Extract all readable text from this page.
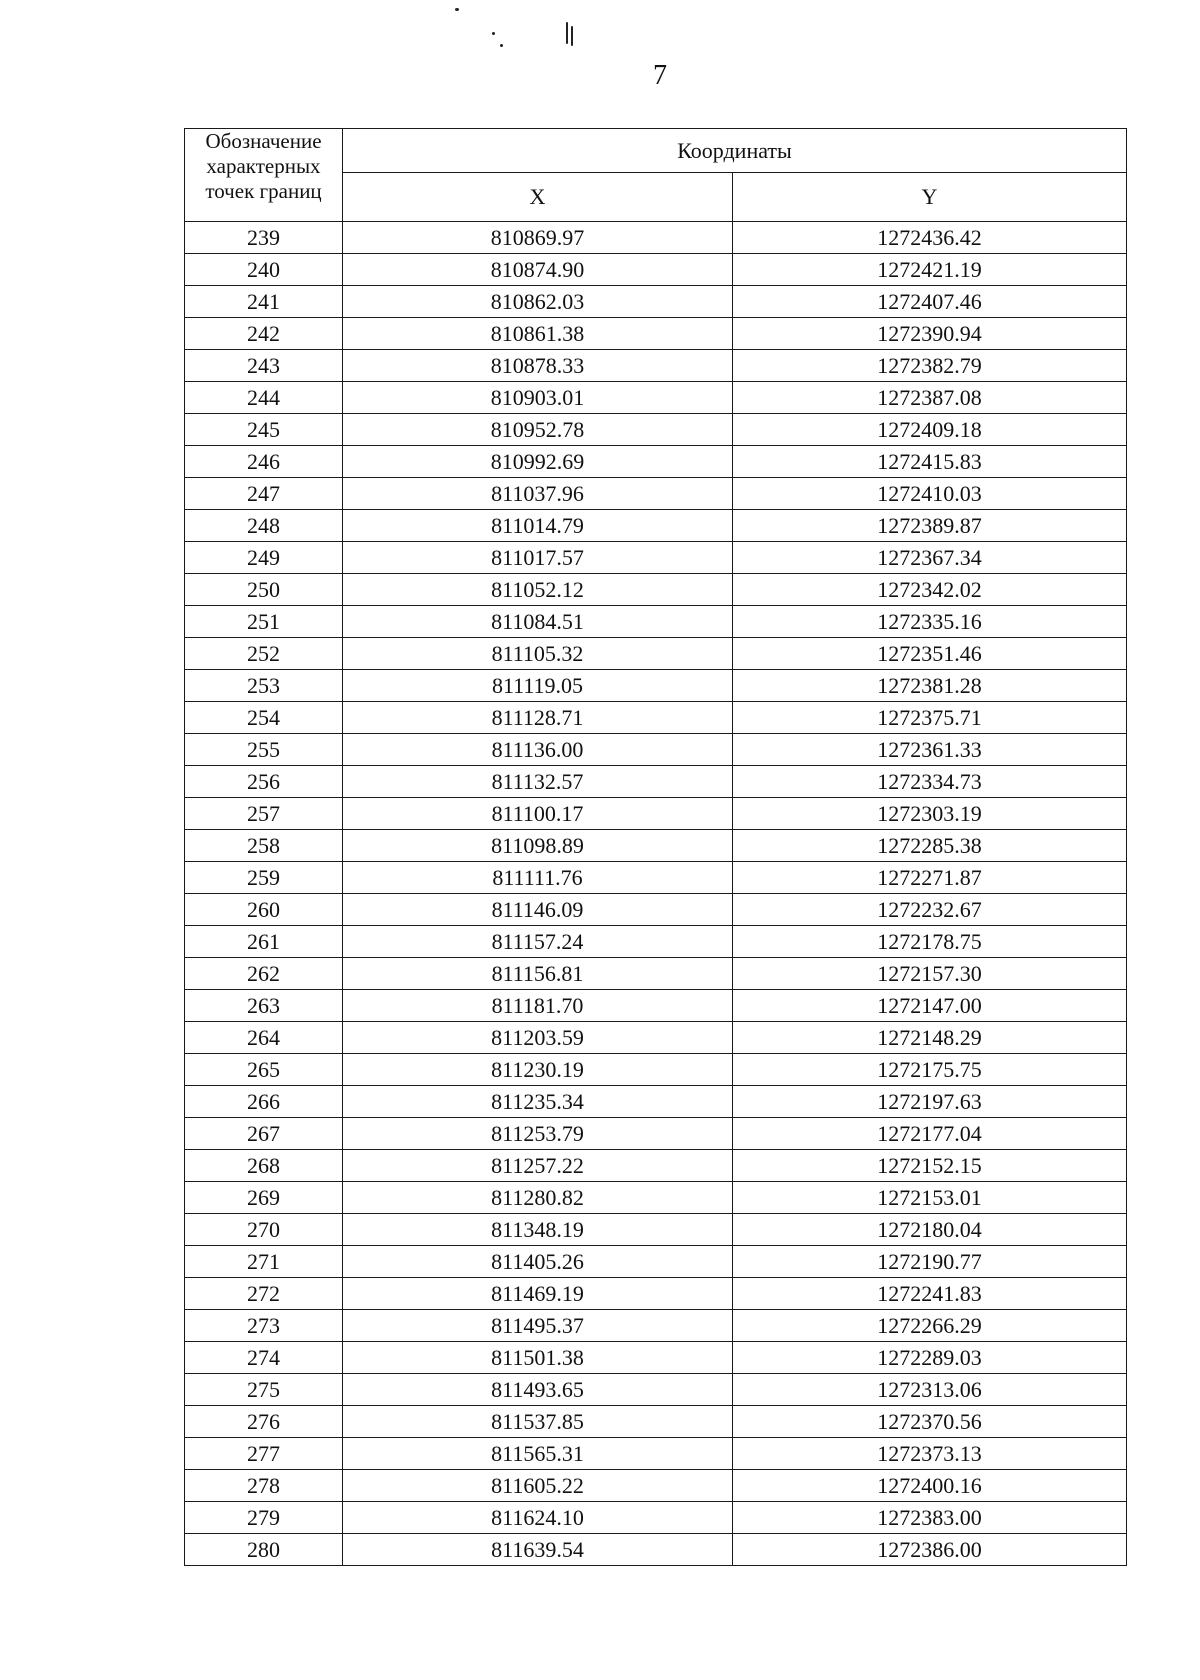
7
Обозначение характерных точек границ	Координаты	
	X	Y
239	810869.97	1272436.42
240	810874.90	1272421.19
241	810862.03	1272407.46
242	810861.38	1272390.94
243	810878.33	1272382.79
244	810903.01	1272387.08
245	810952.78	1272409.18
246	810992.69	1272415.83
247	811037.96	1272410.03
248	811014.79	1272389.87
249	811017.57	1272367.34
250	811052.12	1272342.02
251	811084.51	1272335.16
252	811105.32	1272351.46
253	811119.05	1272381.28
254	811128.71	1272375.71
255	811136.00	1272361.33
256	811132.57	1272334.73
257	811100.17	1272303.19
258	811098.89	1272285.38
259	811111.76	1272271.87
260	811146.09	1272232.67
261	811157.24	1272178.75
262	811156.81	1272157.30
263	811181.70	1272147.00
264	811203.59	1272148.29
265	811230.19	1272175.75
266	811235.34	1272197.63
267	811253.79	1272177.04
268	811257.22	1272152.15
269	811280.82	1272153.01
270	811348.19	1272180.04
271	811405.26	1272190.77
272	811469.19	1272241.83
273	811495.37	1272266.29
274	811501.38	1272289.03
275	811493.65	1272313.06
276	811537.85	1272370.56
277	811565.31	1272373.13
278	811605.22	1272400.16
279	811624.10	1272383.00
280	811639.54	1272386.00
